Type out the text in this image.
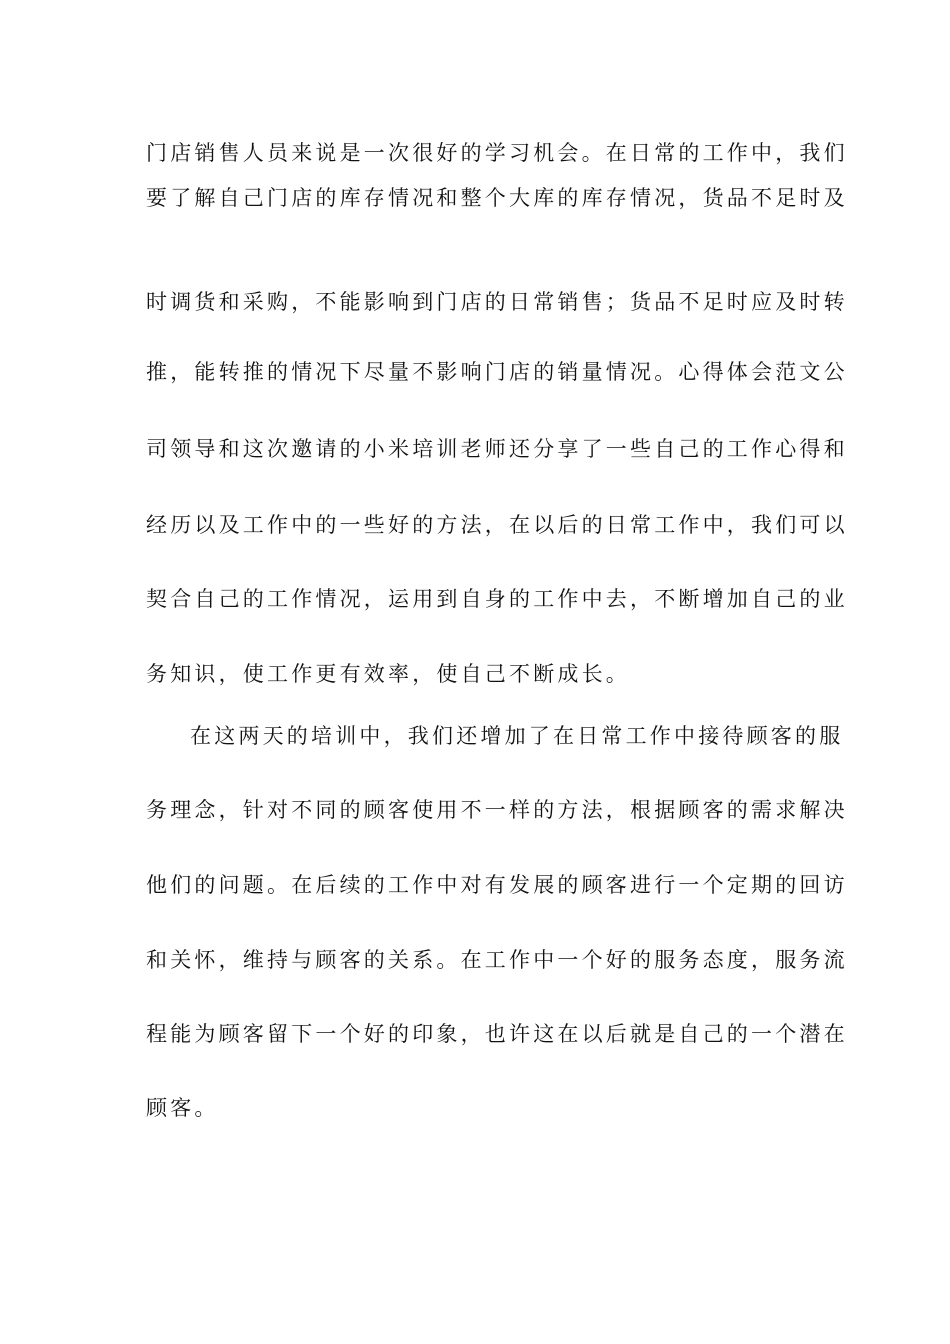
门店销售人员来说是一次很好的学习机会。在日常的工作中，我们
要了解自己门店的库存情况和整个大库的库存情况，货品不足时及
时调货和采购，不能影响到门店的日常销售；货品不足时应及时转
推，能转推的情况下尽量不影响门店的销量情况。心得体会范文公
司领导和这次邀请的小米培训老师还分享了一些自己的工作心得和
经历以及工作中的一些好的方法，在以后的日常工作中，我们可以
契合自己的工作情况，运用到自身的工作中去，不断增加自己的业
务知识，使工作更有效率，使自己不断成长。
在这两天的培训中，我们还增加了在日常工作中接待顾客的服
务理念，针对不同的顾客使用不一样的方法，根据顾客的需求解决
他们的问题。在后续的工作中对有发展的顾客进行一个定期的回访
和关怀，维持与顾客的关系。在工作中一个好的服务态度，服务流
程能为顾客留下一个好的印象，也许这在以后就是自己的一个潜在
顾客。
